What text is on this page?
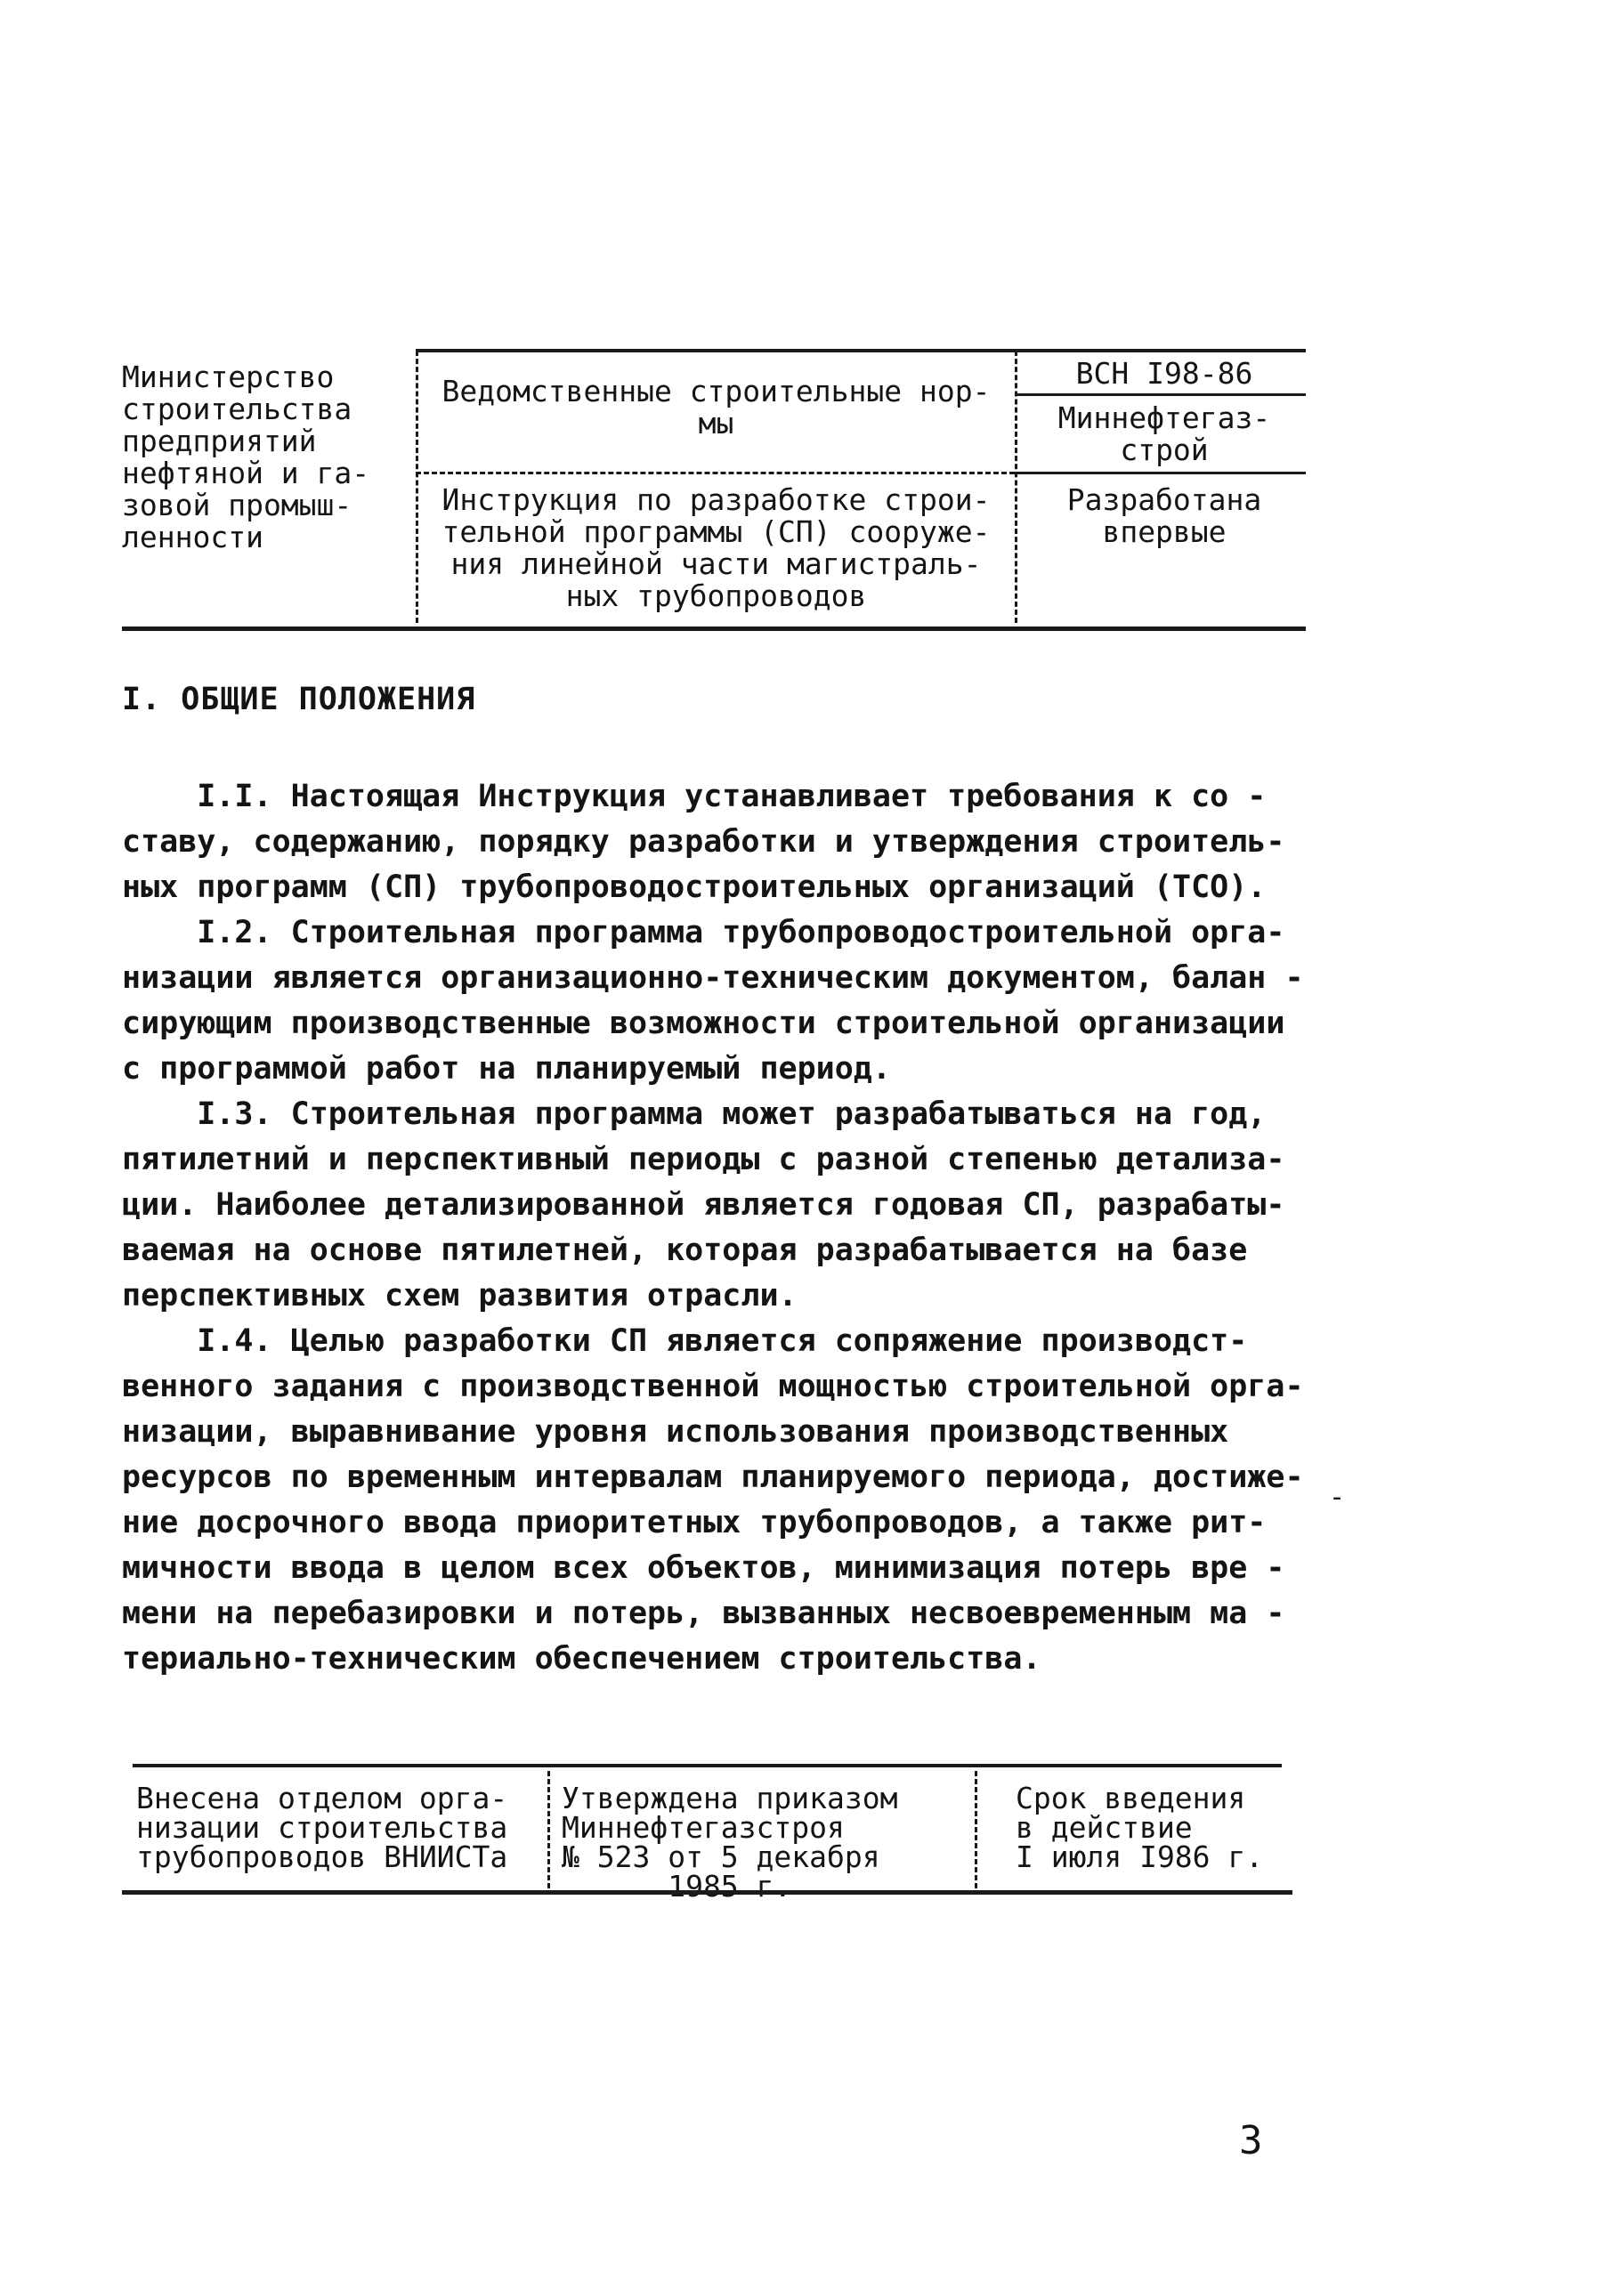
Министерство
строительства
предприятий
нефтяной и га-
зовой промыш-
ленности
Ведомственные строительные нор-
мы
Инструкция по разработке строи-
тельной программы (СП) сооруже-
ния линейной части магистраль-
ных трубопроводов
ВСН I98-86
Миннефтегаз-
строй
Разработана
впервые
I. ОБЩИЕ ПОЛОЖЕНИЯ

I.I. Настоящая Инструкция устанавливает требования к со -
ставу, содержанию, порядку разработки и утверждения строитель-
ных программ (СП) трубопроводостроительных организаций (ТСО).

I.2. Строительная программа трубопроводостроительной орга-
низации является организационно-техническим документом, балан -
сирующим производственные возможности строительной организации
с программой работ на планируемый период.

I.3. Строительная программа может разрабатываться на год,
пятилетний и перспективный периоды с разной степенью детализа-
ции. Наиболее детализированной является годовая СП, разрабаты-
ваемая на основе пятилетней, которая разрабатывается на базе
перспективных схем развития отрасли.

I.4. Целью разработки СП является сопряжение производст-
венного задания с производственной мощностью строительной орга-
низации, выравнивание уровня использования производственных
ресурсов по временным интервалам планируемого периода, достиже-
ние досрочного ввода приоритетных трубопроводов, а также рит-
мичности ввода в целом всех объектов, минимизация потерь вре -
мени на перебазировки и потерь, вызванных несвоевременным ма -
териально-техническим обеспечением строительства.

-
Внесена отделом орга-
низации строительства
трубопроводов ВНИИСТа
Утверждена приказом
Миннефтегазстроя
№ 523 от 5 декабря
1985 г.
Срок введения
в действие
I июля I986 г.
3
